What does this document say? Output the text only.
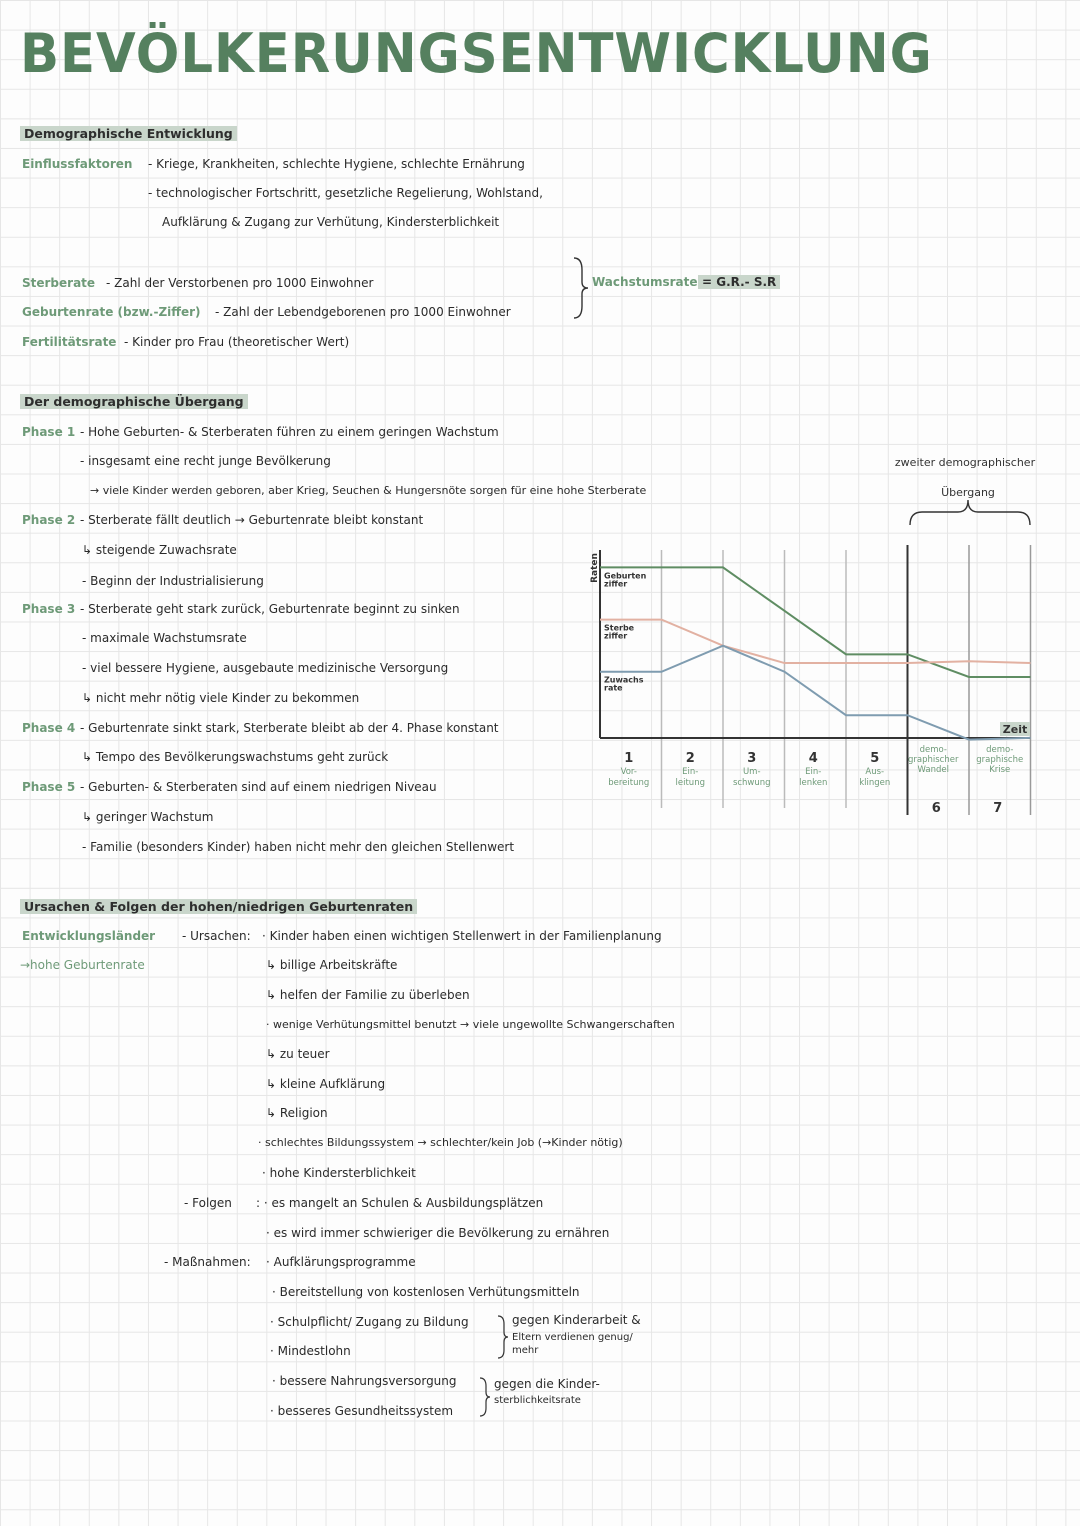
BEVÖLKERUNGSENTWICKLUNG
Demographische Entwicklung
Einflussfaktoren - Kriege, Krankheiten, schlechte Hygiene, schlechte Ernährung
- technologischer Fortschritt, gesetzliche Regelierung, Wohlstand,
Aufklärung & Zugang zur Verhütung, Kindersterblichkeit
Sterberate - Zahl der Verstorbenen pro 1000 Einwohner
Geburtenrate (bzw.-Ziffer) - Zahl der Lebendgeborenen pro 1000 Einwohner
Wachstumsrate = G.R.- S.R
Fertilitätsrate - Kinder pro Frau (theoretischer Wert)
Der demographische Übergang
Phase 1 - Hohe Geburten- & Sterberaten führen zu einem geringen Wachstum
- insgesamt eine recht junge Bevölkerung
→ viele Kinder werden geboren, aber Krieg, Seuchen & Hungersnöte sorgen für eine hohe Sterberate
Phase 2 - Sterberate fällt deutlich → Geburtenrate bleibt konstant
↳ steigende Zuwachsrate
- Beginn der Industrialisierung
Phase 3 - Sterberate geht stark zurück, Geburtenrate beginnt zu sinken
- maximale Wachstumsrate
- viel bessere Hygiene, ausgebaute medizinische Versorgung
↳ nicht mehr nötig viele Kinder zu bekommen
Phase 4 - Geburtenrate sinkt stark, Sterberate bleibt ab der 4. Phase konstant
↳ Tempo des Bevölkerungswachstums geht zurück
Phase 5 - Geburten- & Sterberaten sind auf einem niedrigen Niveau
↳ geringer Wachstum
- Familie (besonders Kinder) haben nicht mehr den gleichen Stellenwert
zweiter demographischer
Übergang
Raten
Zeit
Geburten
ziffer
Sterbe
ziffer
Zuwachs
rate
1
Vor-
bereitung
2
Ein-
leitung
3
Um-
schwung
4
Ein-
lenken
5
Aus-
klingen
demo-
graphischer
Wandel
6
demo-
graphische
Krise
7
Ursachen & Folgen der hohen/niedrigen Geburtenraten
Entwicklungsländer
→hohe Geburtenrate
- Ursachen: · Kinder haben einen wichtigen Stellenwert in der Familienplanung
↳ billige Arbeitskräfte
↳ helfen der Familie zu überleben
· wenige Verhütungsmittel benutzt → viele ungewollte Schwangerschaften
↳ zu teuer
↳ kleine Aufklärung
↳ Religion
· schlechtes Bildungssystem → schlechter/kein Job (→Kinder nötig)
· hohe Kindersterblichkeit
- Folgen : · es mangelt an Schulen & Ausbildungsplätzen
· es wird immer schwieriger die Bevölkerung zu ernähren
- Maßnahmen: · Aufklärungsprogramme
· Bereitstellung von kostenlosen Verhütungsmitteln
· Schulpflicht/ Zugang zu Bildung
· Mindestlohn
gegen Kinderarbeit &
Eltern verdienen genug/
mehr
· bessere Nahrungsversorgung
· besseres Gesundheitssystem
gegen die Kinder-
sterblichkeitsrate
